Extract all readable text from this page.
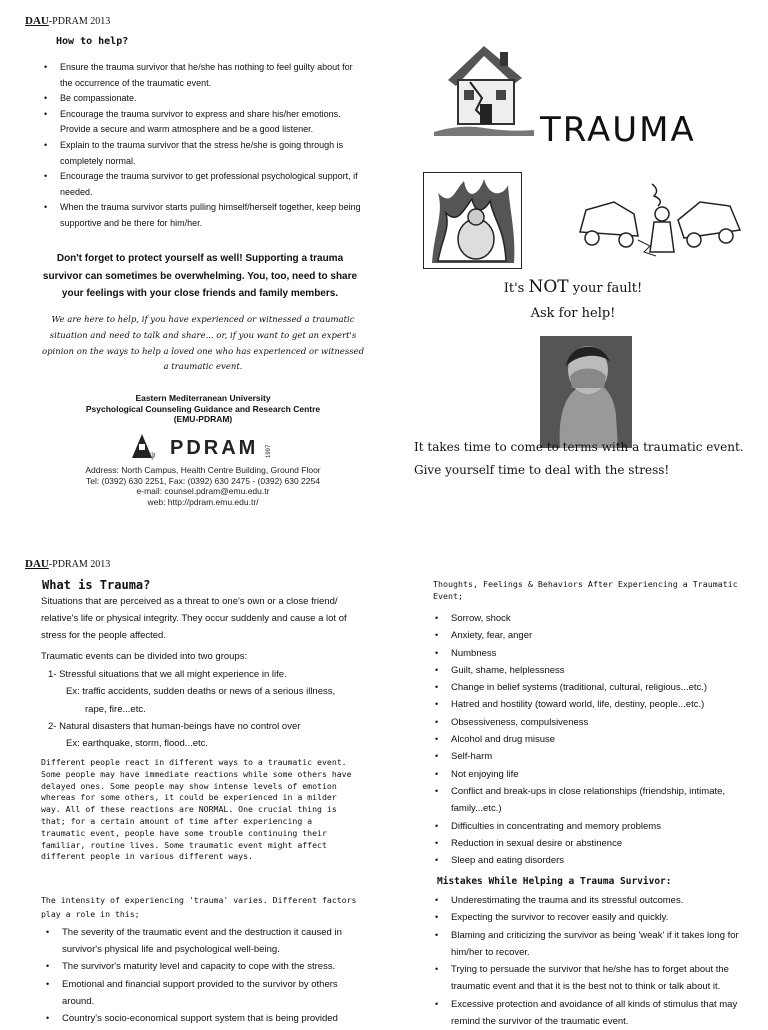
DAU-PDRAM 2013
How to help?
• Ensure the trauma survivor that he/she has nothing to feel guilty about for the occurrence of the traumatic event.
• Be compassionate.
• Encourage the trauma survivor to express and share his/her emotions. Provide a secure and warm atmosphere and be a good listener.
• Explain to the trauma survivor that the stress he/she is going through is completely normal.
• Encourage the trauma survivor to get professional psychological support, if needed.
• When the trauma survivor starts pulling himself/herself together, keep being supportive and be there for him/her.
Don't forget to protect yourself as well! Supporting a trauma survivor can sometimes be overwhelming. You, too, need to share your feelings with your close friends and family members.
We are here to help, if you have experienced or witnessed a traumatic situation and need to talk and share... or, if you want to get an expert's opinion on the ways to help a loved one who has experienced or witnessed a traumatic event.
Eastern Mediterranean University
Psychological Counseling Guidance and Research Centre
(EMU-PDRAM)
ψ PDRAM 1997
Address: North Campus, Health Centre Building, Ground Floor
Tel: (0392) 630 2251, Fax: (0392) 630 2475 - (0392) 630 2254
e-mail: counsel.pdram@emu.edu.tr
web: http://pdram.emu.edu.tr/
TRAUMA
It's NOT your fault!
Ask for help!
It takes time to come to terms with a traumatic event. Give yourself time to deal with the stress!
DAU-PDRAM 2013
What is Trauma?
Situations that are perceived as a threat to one's own or a close friend/ relative's life or physical integrity. They occur suddenly and cause a lot of stress for the people affected.
Traumatic events can be divided into two groups:
1- Stressful situations that we all might experience in life.
Ex: traffic accidents, sudden deaths or news of a serious illness,
rape, fire...etc.
2- Natural disasters that human-beings have no control over
Ex: earthquake, storm, flood...etc.
Different people react in different ways to a traumatic event. Some people may have immediate reactions while some others have delayed ones. Some people may show intense levels of emotion whereas for some others, it could be experienced in a milder way. All of these reactions are NORMAL. One crucial thing is that; for a certain amount of time after experiencing a traumatic event, people have some trouble continuing their familiar, routine lives. Some traumatic event might affect different people in various different ways.
The intensity of experiencing 'trauma' varies. Different factors play a role in this;
• The severity of the traumatic event and the destruction it caused in survivor's physical life and psychological well-being.
• The survivor's maturity level and capacity to cope with the stress.
• Emotional and financial support provided to the survivor by others around.
• Country's socio-economical support system that is being provided
Thoughts, Feelings & Behaviors After Experiencing a Traumatic Event;
• Sorrow, shock
• Anxiety, fear, anger
• Numbness
• Guilt, shame, helplessness
• Change in belief systems (traditional, cultural, religious...etc.)
• Hatred and hostility (toward world, life, destiny, people...etc.)
• Obsessiveness, compulsiveness
• Alcohol and drug misuse
• Self-harm
• Not enjoying life
• Conflict and break-ups in close relationships (friendship, intimate, family...etc.)
• Difficulties in concentrating and memory problems
• Reduction in sexual desire or abstinence
• Sleep and eating disorders
Mistakes While Helping a Trauma Survivor:
• Underestimating the trauma and its stressful outcomes.
• Expecting the survivor to recover easily and quickly.
• Blaming and criticizing the survivor as being 'weak' if it takes long for him/her to recover.
• Trying to persuade the survivor that he/she has to forget about the traumatic event and that it is the best not to think or talk about it.
• Excessive protection and avoidance of all kinds of stimulus that may remind the survivor of the traumatic event.
